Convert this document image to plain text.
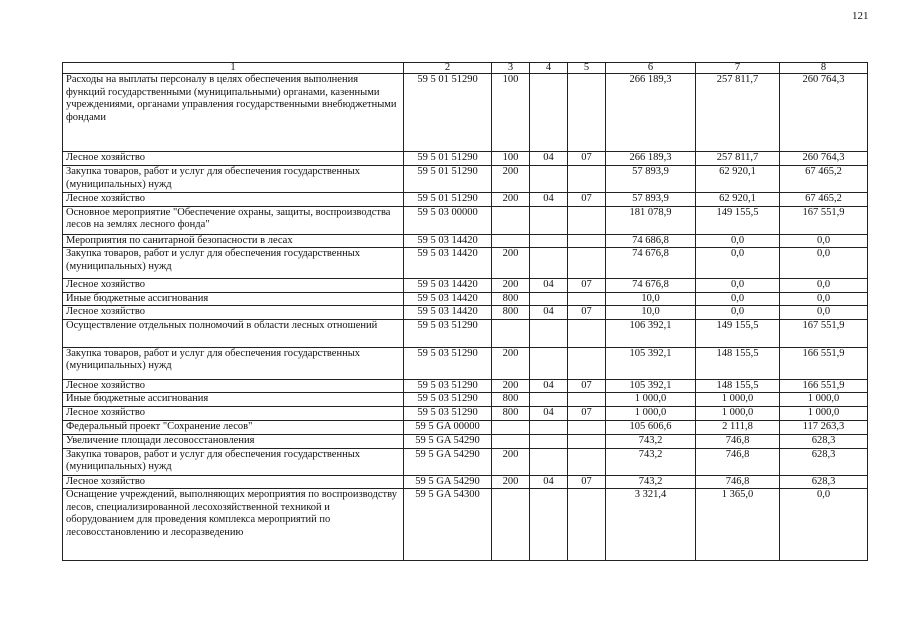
121
1	2	3	4	5	6	7	8
Расходы на выплаты персоналу в целях обеспечения выполнения функций государственными (муниципальными) органами, казенными учреждениями, органами управления государственными внебюджетными фондами	59 5 01 51290	100			266 189,3	257 811,7	260 764,3
Лесное хозяйство	59 5 01 51290	100	04	07	266 189,3	257 811,7	260 764,3
Закупка товаров, работ и услуг для обеспечения государственных (муниципальных) нужд	59 5 01 51290	200			57 893,9	62 920,1	67 465,2
Лесное хозяйство	59 5 01 51290	200	04	07	57 893,9	62 920,1	67 465,2
Основное мероприятие "Обеспечение охраны, защиты, воспроизводства лесов на землях лесного фонда"	59 5 03 00000				181 078,9	149 155,5	167 551,9
Мероприятия по санитарной безопасности в лесах	59 5 03 14420				74 686,8	0,0	0,0
Закупка товаров, работ и услуг для обеспечения государственных (муниципальных) нужд	59 5 03 14420	200			74 676,8	0,0	0,0
Лесное хозяйство	59 5 03 14420	200	04	07	74 676,8	0,0	0,0
Иные бюджетные ассигнования	59 5 03 14420	800			10,0	0,0	0,0
Лесное хозяйство	59 5 03 14420	800	04	07	10,0	0,0	0,0
Осуществление отдельных полномочий в области лесных отношений	59 5 03 51290				106 392,1	149 155,5	167 551,9
Закупка товаров, работ и услуг для обеспечения государственных (муниципальных) нужд	59 5 03 51290	200			105 392,1	148 155,5	166 551,9
Лесное хозяйство	59 5 03 51290	200	04	07	105 392,1	148 155,5	166 551,9
Иные бюджетные ассигнования	59 5 03 51290	800			1 000,0	1 000,0	1 000,0
Лесное хозяйство	59 5 03 51290	800	04	07	1 000,0	1 000,0	1 000,0
Федеральный проект "Сохранение лесов"	59 5 GA 00000				105 606,6	2 111,8	117 263,3
Увеличение площади лесовосстановления	59 5 GA 54290				743,2	746,8	628,3
Закупка товаров, работ и услуг для обеспечения государственных (муниципальных) нужд	59 5 GA 54290	200			743,2	746,8	628,3
Лесное хозяйство	59 5 GA 54290	200	04	07	743,2	746,8	628,3
Оснащение учреждений, выполняющих мероприятия по воспроизводству лесов, специализированной лесохозяйственной техникой и оборудованием для проведения комплекса мероприятий по лесовосстановлению и лесоразведению	59 5 GA 54300				3 321,4	1 365,0	0,0
